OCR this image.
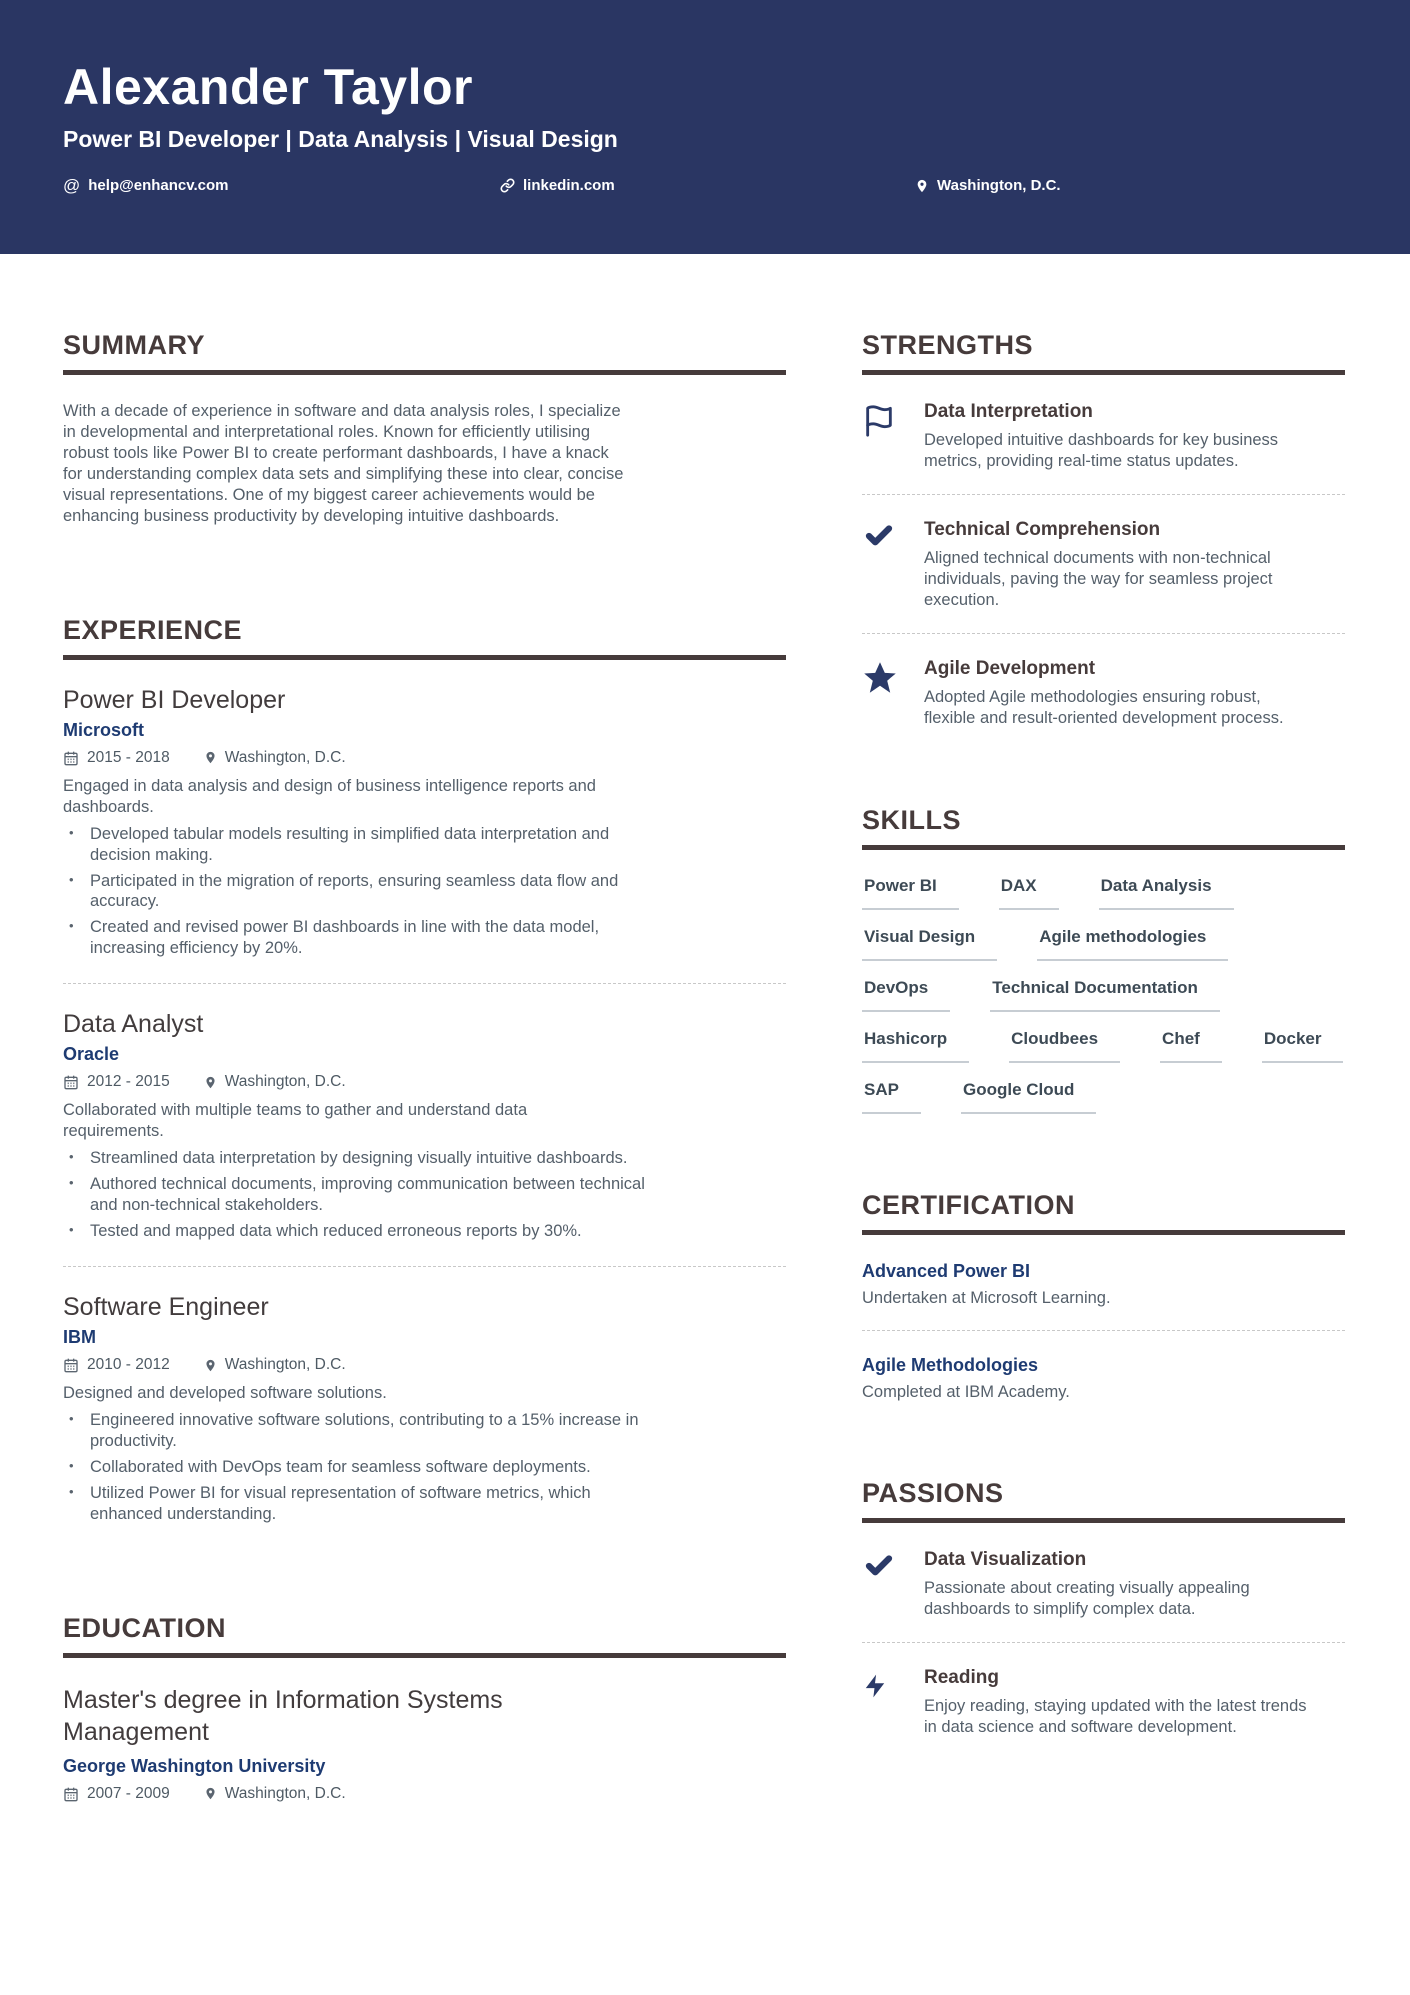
Alexander Taylor
Power BI Developer | Data Analysis | Visual Design
@ help@enhancv.com	linkedin.com	Washington, D.C.
SUMMARY

With a decade of experience in software and data analysis roles, I specialize in developmental and interpretational roles. Known for efficiently utilising robust tools like Power BI to create performant dashboards, I have a knack for understanding complex data sets and simplifying these into clear, concise visual representations. One of my biggest career achievements would be enhancing business productivity by developing intuitive dashboards.

EXPERIENCE
Power BI Developer
Microsoft
2015 - 2018	Washington, D.C.

Engaged in data analysis and design of business intelligence reports and dashboards.

• Developed tabular models resulting in simplified data interpretation and decision making.
• Participated in the migration of reports, ensuring seamless data flow and accuracy.
• Created and revised power BI dashboards in line with the data model, increasing efficiency by 20%.
Data Analyst
Oracle
2012 - 2015	Washington, D.C.

Collaborated with multiple teams to gather and understand data requirements.

• Streamlined data interpretation by designing visually intuitive dashboards.
• Authored technical documents, improving communication between technical and non-technical stakeholders.
• Tested and mapped data which reduced erroneous reports by 30%.
Software Engineer
IBM
2010 - 2012	Washington, D.C.

Designed and developed software solutions.

• Engineered innovative software solutions, contributing to a 15% increase in productivity.
• Collaborated with DevOps team for seamless software deployments.
• Utilized Power BI for visual representation of software metrics, which enhanced understanding.
EDUCATION
Master's degree in Information Systems Management
George Washington University
2007 - 2009	Washington, D.C.
STRENGTHS
Data Interpretation
Developed intuitive dashboards for key business metrics, providing real-time status updates.
Technical Comprehension
Aligned technical documents with non-technical individuals, paving the way for seamless project execution.
Agile Development
Adopted Agile methodologies ensuring robust, flexible and result-oriented development process.
SKILLS
Power BI	DAX	Data Analysis
Visual Design	Agile methodologies
DevOps	Technical Documentation
Hashicorp	Cloudbees	Chef	Docker
SAP	Google Cloud
CERTIFICATION
Advanced Power BI
Undertaken at Microsoft Learning.
Agile Methodologies
Completed at IBM Academy.
PASSIONS
Data Visualization
Passionate about creating visually appealing dashboards to simplify complex data.
Reading
Enjoy reading, staying updated with the latest trends in data science and software development.
